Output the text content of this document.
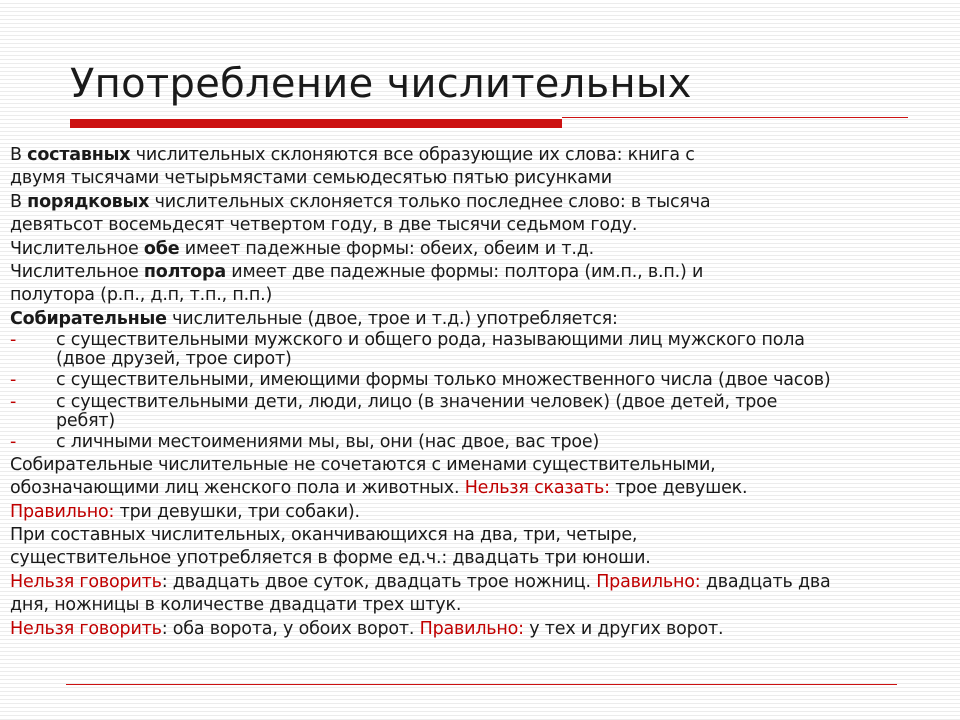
Употребление числительных
В составных числительных склоняются все образующие их слова: книга с
двумя тысячами четырьмястами семьюдесятью пятью рисунками
В порядковых числительных склоняется только последнее слово: в тысяча
девятьсот восемьдесят четвертом году, в две тысячи седьмом году.
Числительное обе имеет падежные формы: обеих, обеим и т.д.
Числительное полтора имеет две падежные формы: полтора (им.п., в.п.) и
полутора (р.п., д.п, т.п., п.п.)
Собирательные числительные (двое, трое и т.д.) употребляется:
- с существительными мужского и общего рода, называющими лиц мужского пола
(двое друзей, трое сирот)
- с существительными, имеющими формы только множественного числа (двое часов)
- с существительными дети, люди, лицо (в значении человек) (двое детей, трое
ребят)
- с личными местоимениями мы, вы, они (нас двое, вас трое)
Собирательные числительные не сочетаются с именами существительными,
обозначающими лиц женского пола и животных. Нельзя сказать: трое девушек.
Правильно: три девушки, три собаки).
При составных числительных, оканчивающихся на два, три, четыре,
существительное употребляется в форме ед.ч.: двадцать три юноши.
Нельзя говорить: двадцать двое суток, двадцать трое ножниц. Правильно: двадцать два
дня, ножницы в количестве двадцати трех штук.
Нельзя говорить: оба ворота, у обоих ворот. Правильно: у тех и других ворот.
